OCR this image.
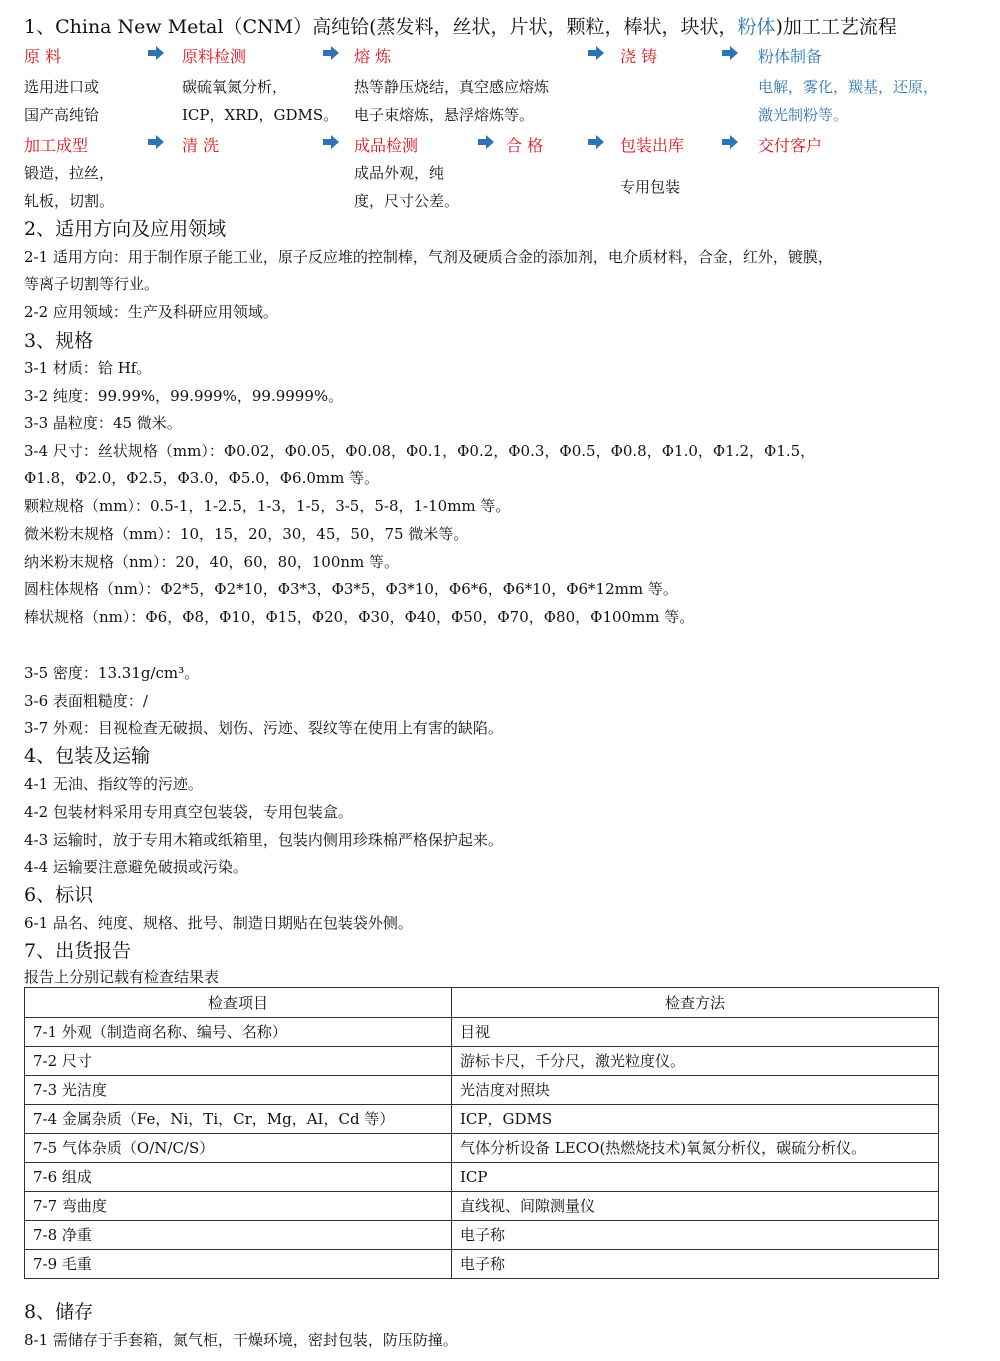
1、China New Metal（CNM）高纯铪(蒸发料，丝状，片状，颗粒，棒状，块状，粉体)加工工艺流程
原 料	原料检测	熔 炼	浇 铸	粉体制备
选用进口或
国产高纯铪
碳硫氧氮分析，
ICP，XRD，GDMS。
热等静压烧结，真空感应熔炼
电子束熔炼，悬浮熔炼等。
电解，雾化，羰基，还原，
激光制粉等。
加工成型	清 洗	成品检测	合 格	包装出库	交付客户
锻造，拉丝，
轧板，切割。
成品外观，纯
度，尺寸公差。
专用包装
2、适用方向及应用领域
2-1 适用方向：用于制作原子能工业，原子反应堆的控制棒，气剂及硬质合金的添加剂，电介质材料，合金，红外，镀膜，
等离子切割等行业。
2-2 应用领域：生产及科研应用领域。
3、规格
3-1 材质：铪 Hf。
3-2 纯度：99.99%，99.999%，99.9999%。
3-3 晶粒度：45 微米。
3-4 尺寸：丝状规格（mm）：Φ0.02，Φ0.05，Φ0.08，Φ0.1，Φ0.2，Φ0.3，Φ0.5，Φ0.8，Φ1.0，Φ1.2，Φ1.5，
Φ1.8，Φ2.0，Φ2.5，Φ3.0，Φ5.0，Φ6.0mm 等。
颗粒规格（mm）：0.5-1，1-2.5，1-3，1-5，3-5，5-8，1-10mm 等。
微米粉末规格（mm）：10，15，20，30，45，50，75 微米等。
纳米粉末规格（nm）：20，40，60，80，100nm 等。
圆柱体规格（nm）：Φ2*5，Φ2*10，Φ3*3，Φ3*5，Φ3*10，Φ6*6，Φ6*10，Φ6*12mm 等。
棒状规格（nm）：Φ6，Φ8，Φ10，Φ15，Φ20，Φ30，Φ40，Φ50，Φ70，Φ80，Φ100mm 等。
3-5 密度：13.31g/cm³。
3-6 表面粗糙度：/
3-7 外观：目视检查无破损、划伤、污迹、裂纹等在使用上有害的缺陷。
4、包装及运输
4-1 无油、指纹等的污迹。
4-2 包装材料采用专用真空包装袋，专用包装盒。
4-3 运输时，放于专用木箱或纸箱里，包装内侧用珍珠棉严格保护起来。
4-4 运输要注意避免破损或污染。
6、标识
6-1 品名、纯度、规格、批号、制造日期贴在包装袋外侧。
7、出货报告
报告上分别记载有检查结果表
检查项目	检查方法
7-1 外观（制造商名称、编号、名称）	目视
7-2 尺寸	游标卡尺，千分尺，激光粒度仪。
7-3 光洁度	光洁度对照块
7-4 金属杂质（Fe，Ni，Ti，Cr，Mg，AI，Cd 等）	ICP，GDMS
7-5 气体杂质（O/N/C/S）	气体分析设备 LECO(热燃烧技术)氧氮分析仪，碳硫分析仪。
7-6 组成	ICP
7-7 弯曲度	直线视、间隙测量仪
7-8 净重	电子称
7-9 毛重	电子称
8、储存
8-1 需储存于手套箱，氮气柜，干燥环境，密封包装，防压防撞。
